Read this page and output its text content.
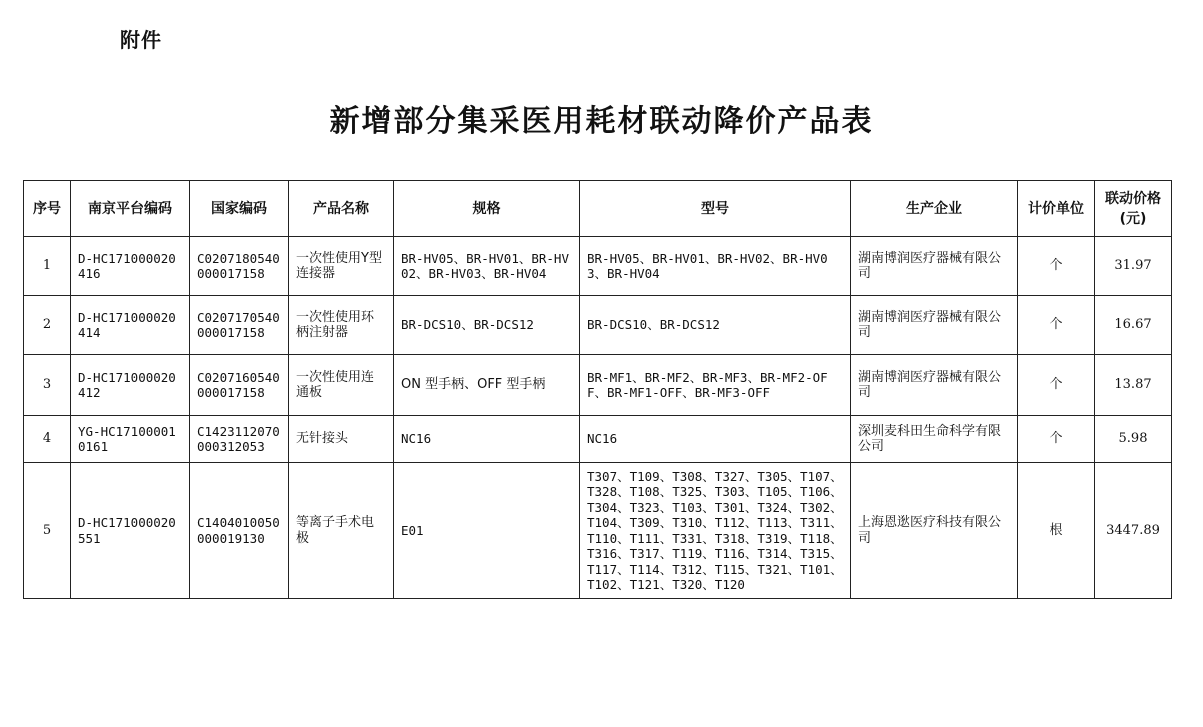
附件
新增部分集采医用耗材联动降价产品表
序号	南京平台编码	国家编码	产品名称	规格	型号	生产企业	计价单位	联动价格(元)
1	D-HC171000020416	C0207180540000017158	一次性使用Y型连接器	BR-HV05、BR-HV01、BR-HV02、BR-HV03、BR-HV04	BR-HV05、BR-HV01、BR-HV02、BR-HV03、BR-HV04	湖南博润医疗器械有限公司	个	31.97
2	D-HC171000020414	C0207170540000017158	一次性使用环柄注射器	BR-DCS10、BR-DCS12	BR-DCS10、BR-DCS12	湖南博润医疗器械有限公司	个	16.67
3	D-HC171000020412	C0207160540000017158	一次性使用连通板	ON 型手柄、OFF 型手柄	BR-MF1、BR-MF2、BR-MF3、BR-MF2-OFF、BR-MF1-OFF、BR-MF3-OFF	湖南博润医疗器械有限公司	个	13.87
4	YG-HC171000010161	C1423112070000312053	无针接头	NC16	NC16	深圳麦科田生命科学有限公司	个	5.98
5	D-HC171000020551	C1404010050000019130	等离子手术电极	E01	T307、T109、T308、T327、T305、T107、T328、T108、T325、T303、T105、T106、T304、T323、T103、T301、T324、T302、T104、T309、T310、T112、T113、T311、T110、T111、T331、T318、T319、T118、T316、T317、T119、T116、T314、T315、T117、T114、T312、T115、T321、T101、T102、T121、T320、T120	上海恩逖医疗科技有限公司	根	3447.89
